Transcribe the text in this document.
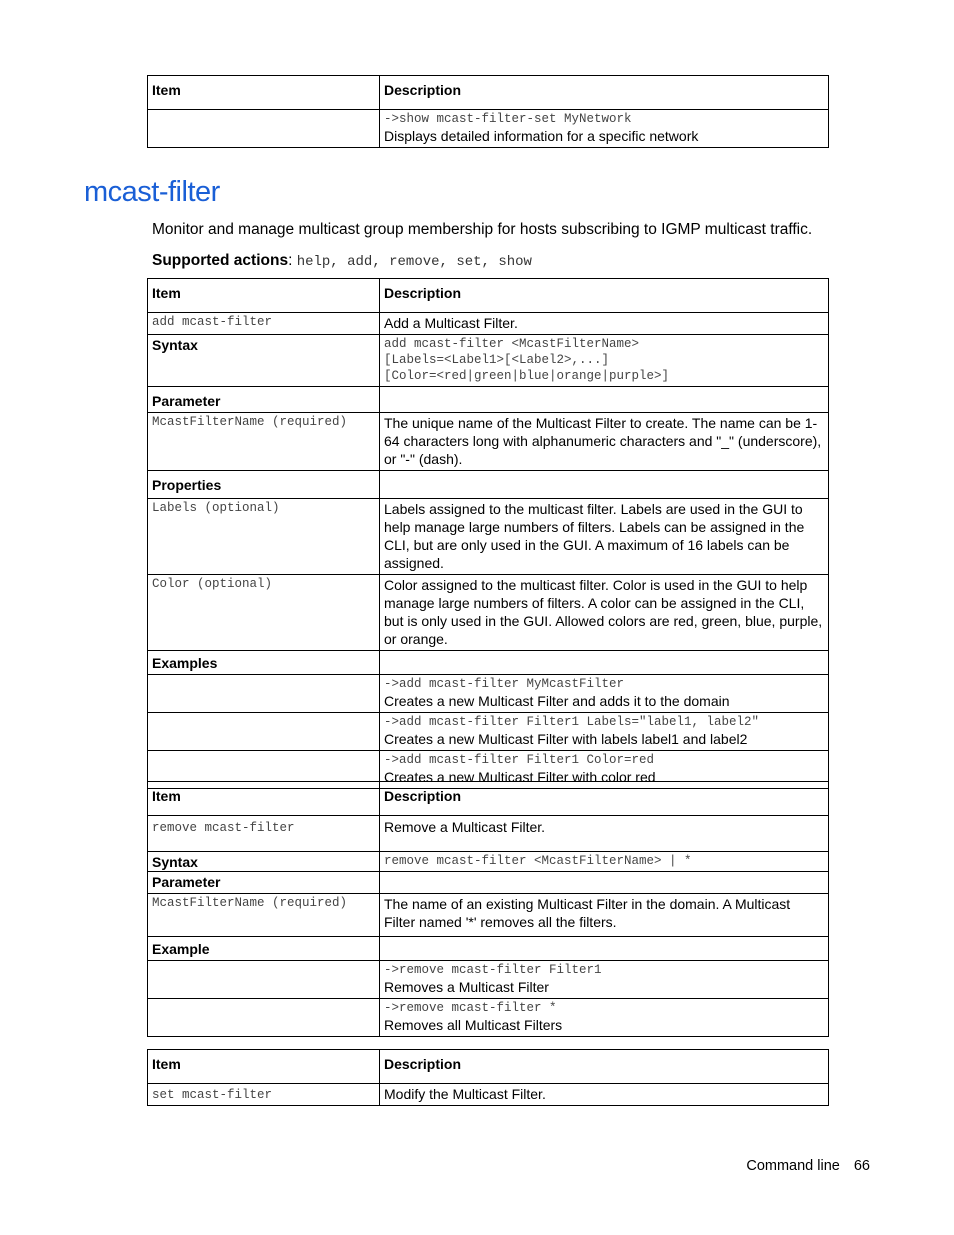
Item	Description

	->show mcast-filter-set MyNetwork
Displays detailed information for a specific network
mcast-filter
Monitor and manage multicast group membership for hosts subscribing to IGMP multicast traffic.
Supported actions: help, add, remove, set, show
Item	Description

add mcast-filter	Add a Multicast Filter.
Syntax	add mcast-filter <McastFilterName>
[Labels=<Label1>[<Label2>,...]
[Color=<red|green|blue|orange|purple>]

Parameter	

McastFilterName (required)	The unique name of the Multicast Filter to create. The name can be 1-64 characters long with alphanumeric characters and "_" (underscore), or "-" (dash).
Properties	

Labels (optional)	Labels assigned to the multicast filter. Labels are used in the GUI to help manage large numbers of filters. Labels can be assigned in the CLI, but are only used in the GUI. A maximum of 16 labels can be assigned.

Color (optional)	Color assigned to the multicast filter. Color is used in the GUI to help manage large numbers of filters. A color can be assigned in the CLI, but is only used in the GUI. Allowed colors are red, green, blue, purple, or orange.
Examples	

	->add mcast-filter MyMcastFilter
Creates a new Multicast Filter and adds it to the domain

	->add mcast-filter Filter1 Labels="label1, label2"
Creates a new Multicast Filter with labels label1 and label2

	->add mcast-filter Filter1 Color=red
Creates a new Multicast Filter with color red
Item	Description

remove mcast-filter	Remove a Multicast Filter.
Syntax	remove mcast-filter <McastFilterName> | *

Parameter	

McastFilterName (required)	The name of an existing Multicast Filter in the domain. A Multicast Filter named '*' removes all the filters.
Example	

	->remove mcast-filter Filter1
Removes a Multicast Filter

	->remove mcast-filter *
Removes all Multicast Filters
Item	Description

set mcast-filter	Modify the Multicast Filter.
Command line 66
